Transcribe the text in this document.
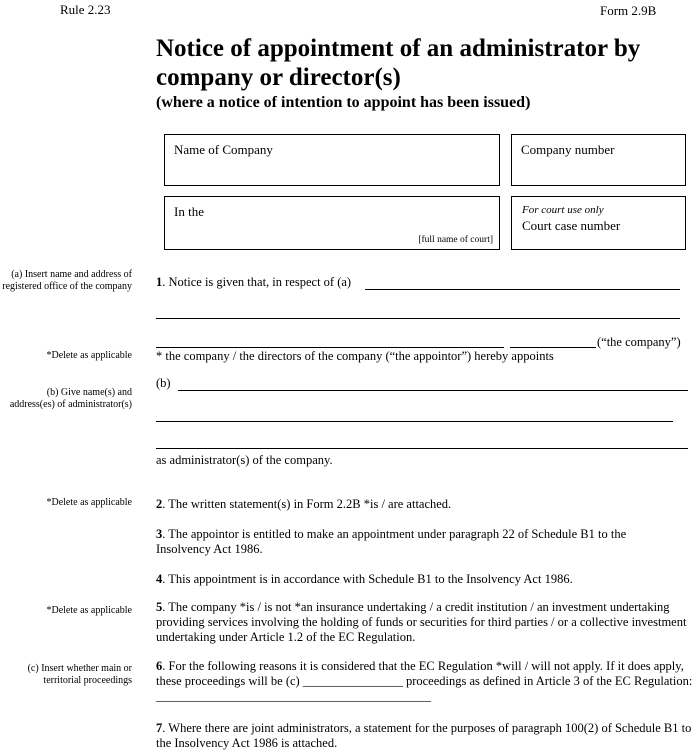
Rule 2.23	Form 2.9B
Notice of appointment of an administrator by company or director(s)
(where a notice of intention to appoint has been issued)
Name of Company	Company number
In the
[full name of court]
For court use only
Court case number
(a) Insert name and address of registered office of the company
*Delete as applicable
(b) Give name(s) and address(es) of administrator(s)
*Delete as applicable
*Delete as applicable
(c) Insert whether main or territorial proceedings
1. Notice is given that, in respect of (a)
(“the company”)
* the company / the directors of the company (“the appointor”) hereby appoints
(b)
as administrator(s) of the company.
2. The written statement(s) in Form 2.2B *is / are attached.
3. The appointor is entitled to make an appointment under paragraph 22 of Schedule B1 to the Insolvency Act 1986.
4. This appointment is in accordance with Schedule B1 to the Insolvency Act 1986.
5. The company *is / is not *an insurance undertaking / a credit institution / an investment undertaking providing services involving the holding of funds or securities for third parties / or a collective investment undertaking under Article 1.2 of the EC Regulation.
6. For the following reasons it is considered that the EC Regulation *will / will not apply. If it does apply, these proceedings will be (c) ________________ proceedings as defined in Article 3 of the EC Regulation: ____________________________________________
7. Where there are joint administrators, a statement for the purposes of paragraph 100(2) of Schedule B1 to the Insolvency Act 1986 is attached.
